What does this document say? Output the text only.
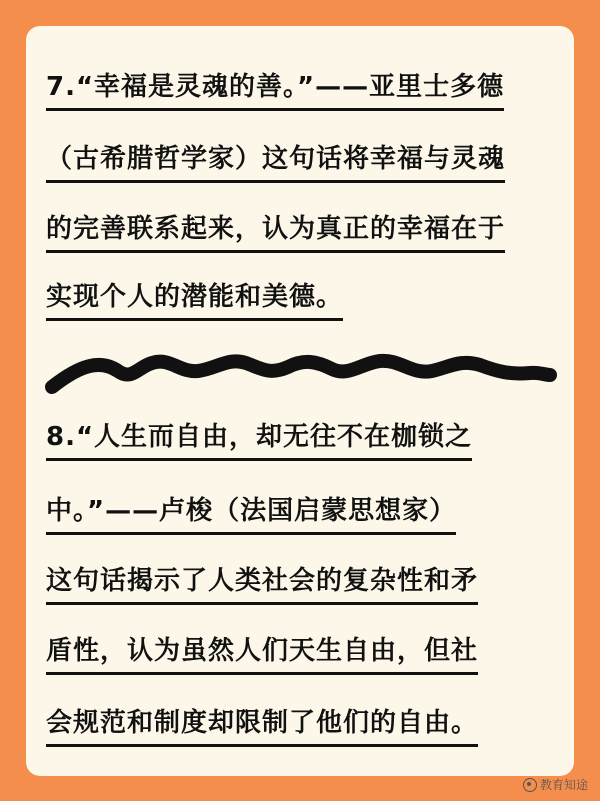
7.“幸福是灵魂的善。”——亚里士多德
（古希腊哲学家）这句话将幸福与灵魂
的完善联系起来，认为真正的幸福在于
实现个人的潜能和美德。
8.“人生而自由，却无往不在枷锁之
中。”——卢梭（法国启蒙思想家）
这句话揭示了人类社会的复杂性和矛
盾性，认为虽然人们天生自由，但社
会规范和制度却限制了他们的自由。
教育知途
